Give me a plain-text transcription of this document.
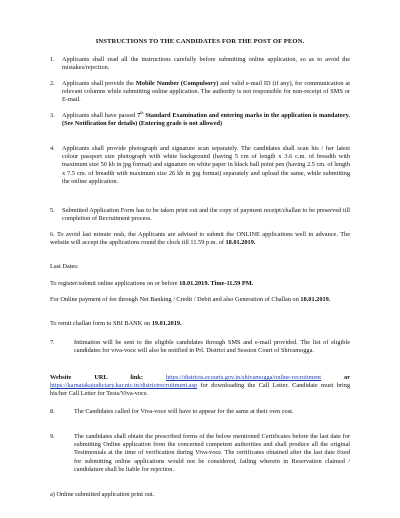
INSTRUCTIONS TO THE CANDIDATES FOR THE POST OF PEON.
1.	Applicants shall read all the instructions carefully before submitting online application, so as to avoid the mistakes/rejection.
2.	Applicants shall provide the Mobile Number (Compulsory) and valid e-mail ID (if any), for communication at relevant columns while submitting online application. The authority is not responsible for non-receipt of SMS or E-mail.
3.	Applicants shall have passed 7th Standard Examination and entering marks in the application is mandatory. (See Notification for details) (Entering grade is not allowed)
4.	Applicants shall provide photograph and signature scan separately. The candidates shall scan his / her latest colour passport size photograph with white background (having 5 cm of length x 3.6 c.m. of breadth with maximum size 50 kb in jpg format) and signature on white paper in black ball point pen (having 2.5 cm. of length x 7.5 cm. of breadth with maximum size 26 kb in jpg format) separately and upload the same, while submitting the online application.
5.	Submitted Application Form has to be taken print out and the copy of payment receipt/challan to be preserved till completion of Recruitment process.
6. To avoid last minute rush, the Applicants are advised to submit the ONLINE applications well in advance. The website will accept the applications round the clock till 11.59 p.m. of 18.01.2019.
Last Dates:
To register/submit online applications on or before 18.01.2019. Time-11.59 PM.
For Online payment of fee through Net Banking / Credit / Debit and also Generation of Challan on 18.01.2019.
To remit challan form to SBI BANK on 19.01.2019.
7.	Intimation will be sent to the eligible candidates through SMS and e-mail provided. The list of eligible candidates for viva-voce will also be notified in Prl. District and Session Court of Shivamogga.
Website URL link:	https://districts.ecourts.gov.in/shivamogga/online-recruitment	or https://karnatakajudiciary.kar.nic.in/districtrecruitment.asp for downloading the Call Letter. Candidate must bring his/her Call Letter for Tests/Viva-voce.
8.	The Candidates called for Viva-voce will have to appear for the same at their own cost.
9.	The candidates shall obtain the prescribed forms of the below mentioned Certificates before the last date for submitting Online application from the concerned competent authorities and shall produce all the original Testimonials at the time of verification during Viva-voce. The certificates obtained after the last date fixed for submitting online applications would not be considered, failing wherein in Reservation claimed / candidature shall be liable for rejection.
a) Online submitted application print out.
